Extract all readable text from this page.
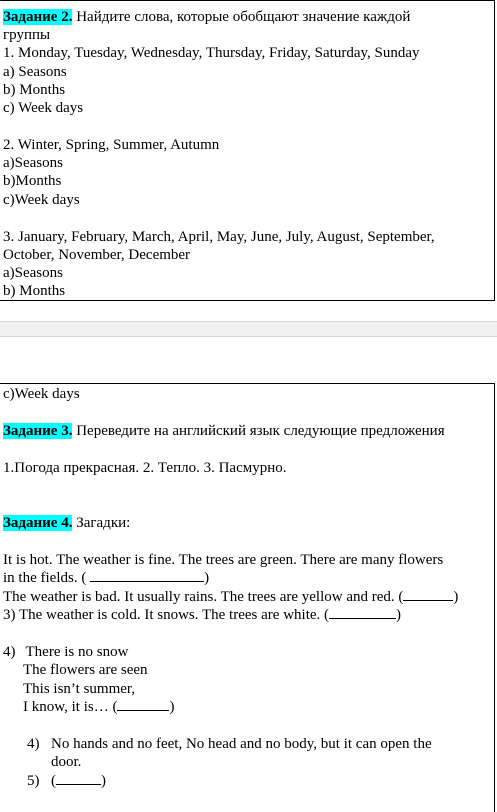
Задание 2. Найдите слова, которые обобщают значение каждой

группы

1. Monday, Tuesday, Wednesday, Thursday, Friday, Saturday, Sunday

a) Seasons

b) Months

c) Week days

2. Winter, Spring, Summer, Autumn

a)Seasons

b)Months

c)Week days

3. January, February, March, April, May, June, July, August, September,

October, November, December

a)Seasons

b) Months

c)Week days

Задание 3. Переведите на английский язык следующие предложения

1.Погода прекрасная. 2. Тепло. 3. Пасмурно.

Задание 4. Загадки:

It is hot. The weather is fine. The trees are green. There are many flowers

in the fields. (	)

The weather is bad. It usually rains. The trees are yellow and red. (	)

3) The weather is cold. It snows. The trees are white. (	)

4) There is no snow

The flowers are seen

This isn’t summer,

I know, it is… (	)

4) No hands and no feet, No head and no body, but it can open the

door.

5) (	)
